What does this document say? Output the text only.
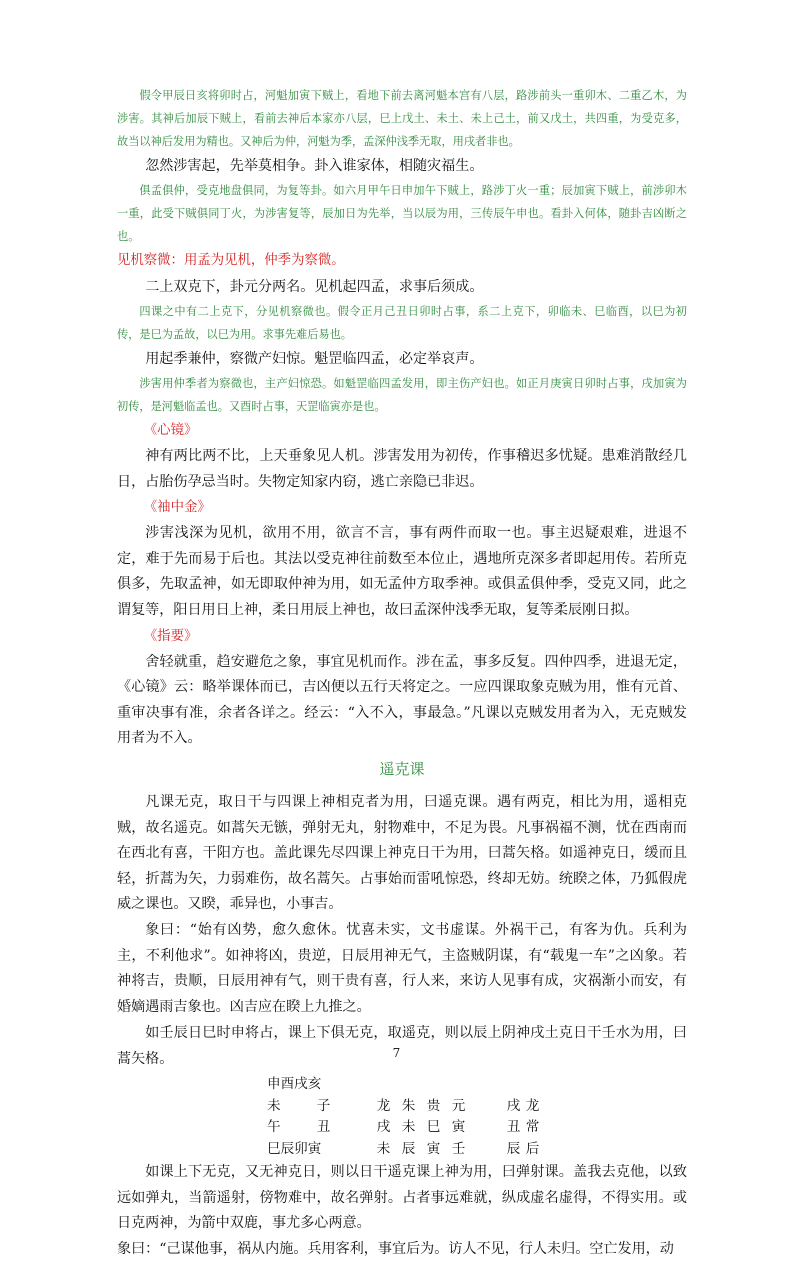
假令甲辰日亥将卯时占，河魁加寅下贼上，看地下前去离河魁本宫有八层，路涉前头一重卯木、二重乙木，为涉害。其神后加辰下贼上，看前去神后本家亦八层，巳上戊土、未土、未上己土，前又戊土，共四重，为受克多，故当以神后发用为精也。又神后为仲，河魁为季，孟深仲浅季无取，用戌者非也。

忽然涉害起，先举莫相争。卦入谁家体，相随灾福生。

俱孟俱仲，受克地盘俱同，为复等卦。如六月甲午日申加午下贼上，路涉丁火一重；辰加寅下贼上，前涉卯木一重，此受下贼俱同丁火，为涉害复等，辰加日为先举，当以辰为用，三传辰午申也。看卦入何体，随卦吉凶断之也。

见机察微：用孟为见机，仲季为察微。

二上双克下，卦元分两名。见机起四孟，求事后须成。

四课之中有二上克下，分见机察微也。假令正月己丑日卯时占事，系二上克下，卯临未、巳临酉，以巳为初传，是巳为孟故，以巳为用。求事先难后易也。

用起季兼仲，察微产妇惊。魁罡临四孟，必定举哀声。

涉害用仲季者为察微也，主产妇惊恐。如魁罡临四孟发用，即主伤产妇也。如正月庚寅日卯时占事，戌加寅为初传，是河魁临孟也。又酉时占事，天罡临寅亦是也。

《心镜》

神有两比两不比，上天垂象见人机。涉害发用为初传，作事稽迟多忧疑。患难消散经几日，占胎伤孕忌当时。失物定知家内窃，逃亡亲隐已非迟。

《袖中金》

涉害浅深为见机，欲用不用，欲言不言，事有两件而取一也。事主迟疑艰难，进退不定，难于先而易于后也。其法以受克神往前数至本位止，遇地所克深多者即起用传。若所克俱多，先取孟神，如无即取仲神为用，如无孟仲方取季神。或俱孟俱仲季，受克又同，此之谓复等，阳日用日上神，柔日用辰上神也，故曰孟深仲浅季无取，复等柔辰刚日拟。

《指要》

舍轻就重，趋安避危之象，事宜见机而作。涉在孟，事多反复。四仲四季，进退无定，《心镜》云：略举课体而已，吉凶便以五行天将定之。一应四课取象克贼为用，惟有元首、重审决事有准，余者各详之。经云：“入不入，事最急。”凡课以克贼发用者为入，无克贼发用者为不入。

遥克课

凡课无克，取日干与四课上神相克者为用，曰遥克课。遇有两克，相比为用，遥相克贼，故名遥克。如蒿矢无镞，弹射无丸，射物难中，不足为畏。凡事祸福不测，忧在西南而在西北有喜，干阳方也。盖此课先尽四课上神克日干为用，曰蒿矢格。如遥神克日，缓而且轻，折蒿为矢，力弱难伤，故名蒿矢。占事始而雷吼惊恐，终却无妨。统睽之体，乃狐假虎威之课也。又睽，乖异也，小事吉。

象曰：“始有凶势，愈久愈休。忧喜未实，文书虚谋。外祸干己，有客为仇。兵利为主，不利他求”。如神将凶，贵逆，日辰用神无气，主盗贼阴谋，有“载鬼一车”之凶象。若神将吉，贵顺，日辰用神有气，则干贵有喜，行人来，来访人见事有成，灾祸渐小而安，有婚嫡遇雨吉象也。凶吉应在睽上九推之。

如壬辰日巳时申将占，课上下俱无克，取遥克，则以辰上阴神戌土克日干壬水为用，曰蒿矢格。

申酉戌亥
未	子	龙 朱 贵 元	戌 龙
午	丑	戌 未 巳 寅	丑 常
巳辰卯寅	未 辰 寅 壬	辰 后

如课上下无克，又无神克日，则以日干遥克课上神为用，曰弹射课。盖我去克他，以致远如弹丸，当箭遥射，傍物难中，故名弹射。占者事远难就，纵成虚名虚得，不得实用。或日克两神，为箭中双鹿，事尤多心两意。

象曰：“己谋他事，祸从内施。兵用客利，事宜后为。访人不见，行人未归。空亡发用，动

7
